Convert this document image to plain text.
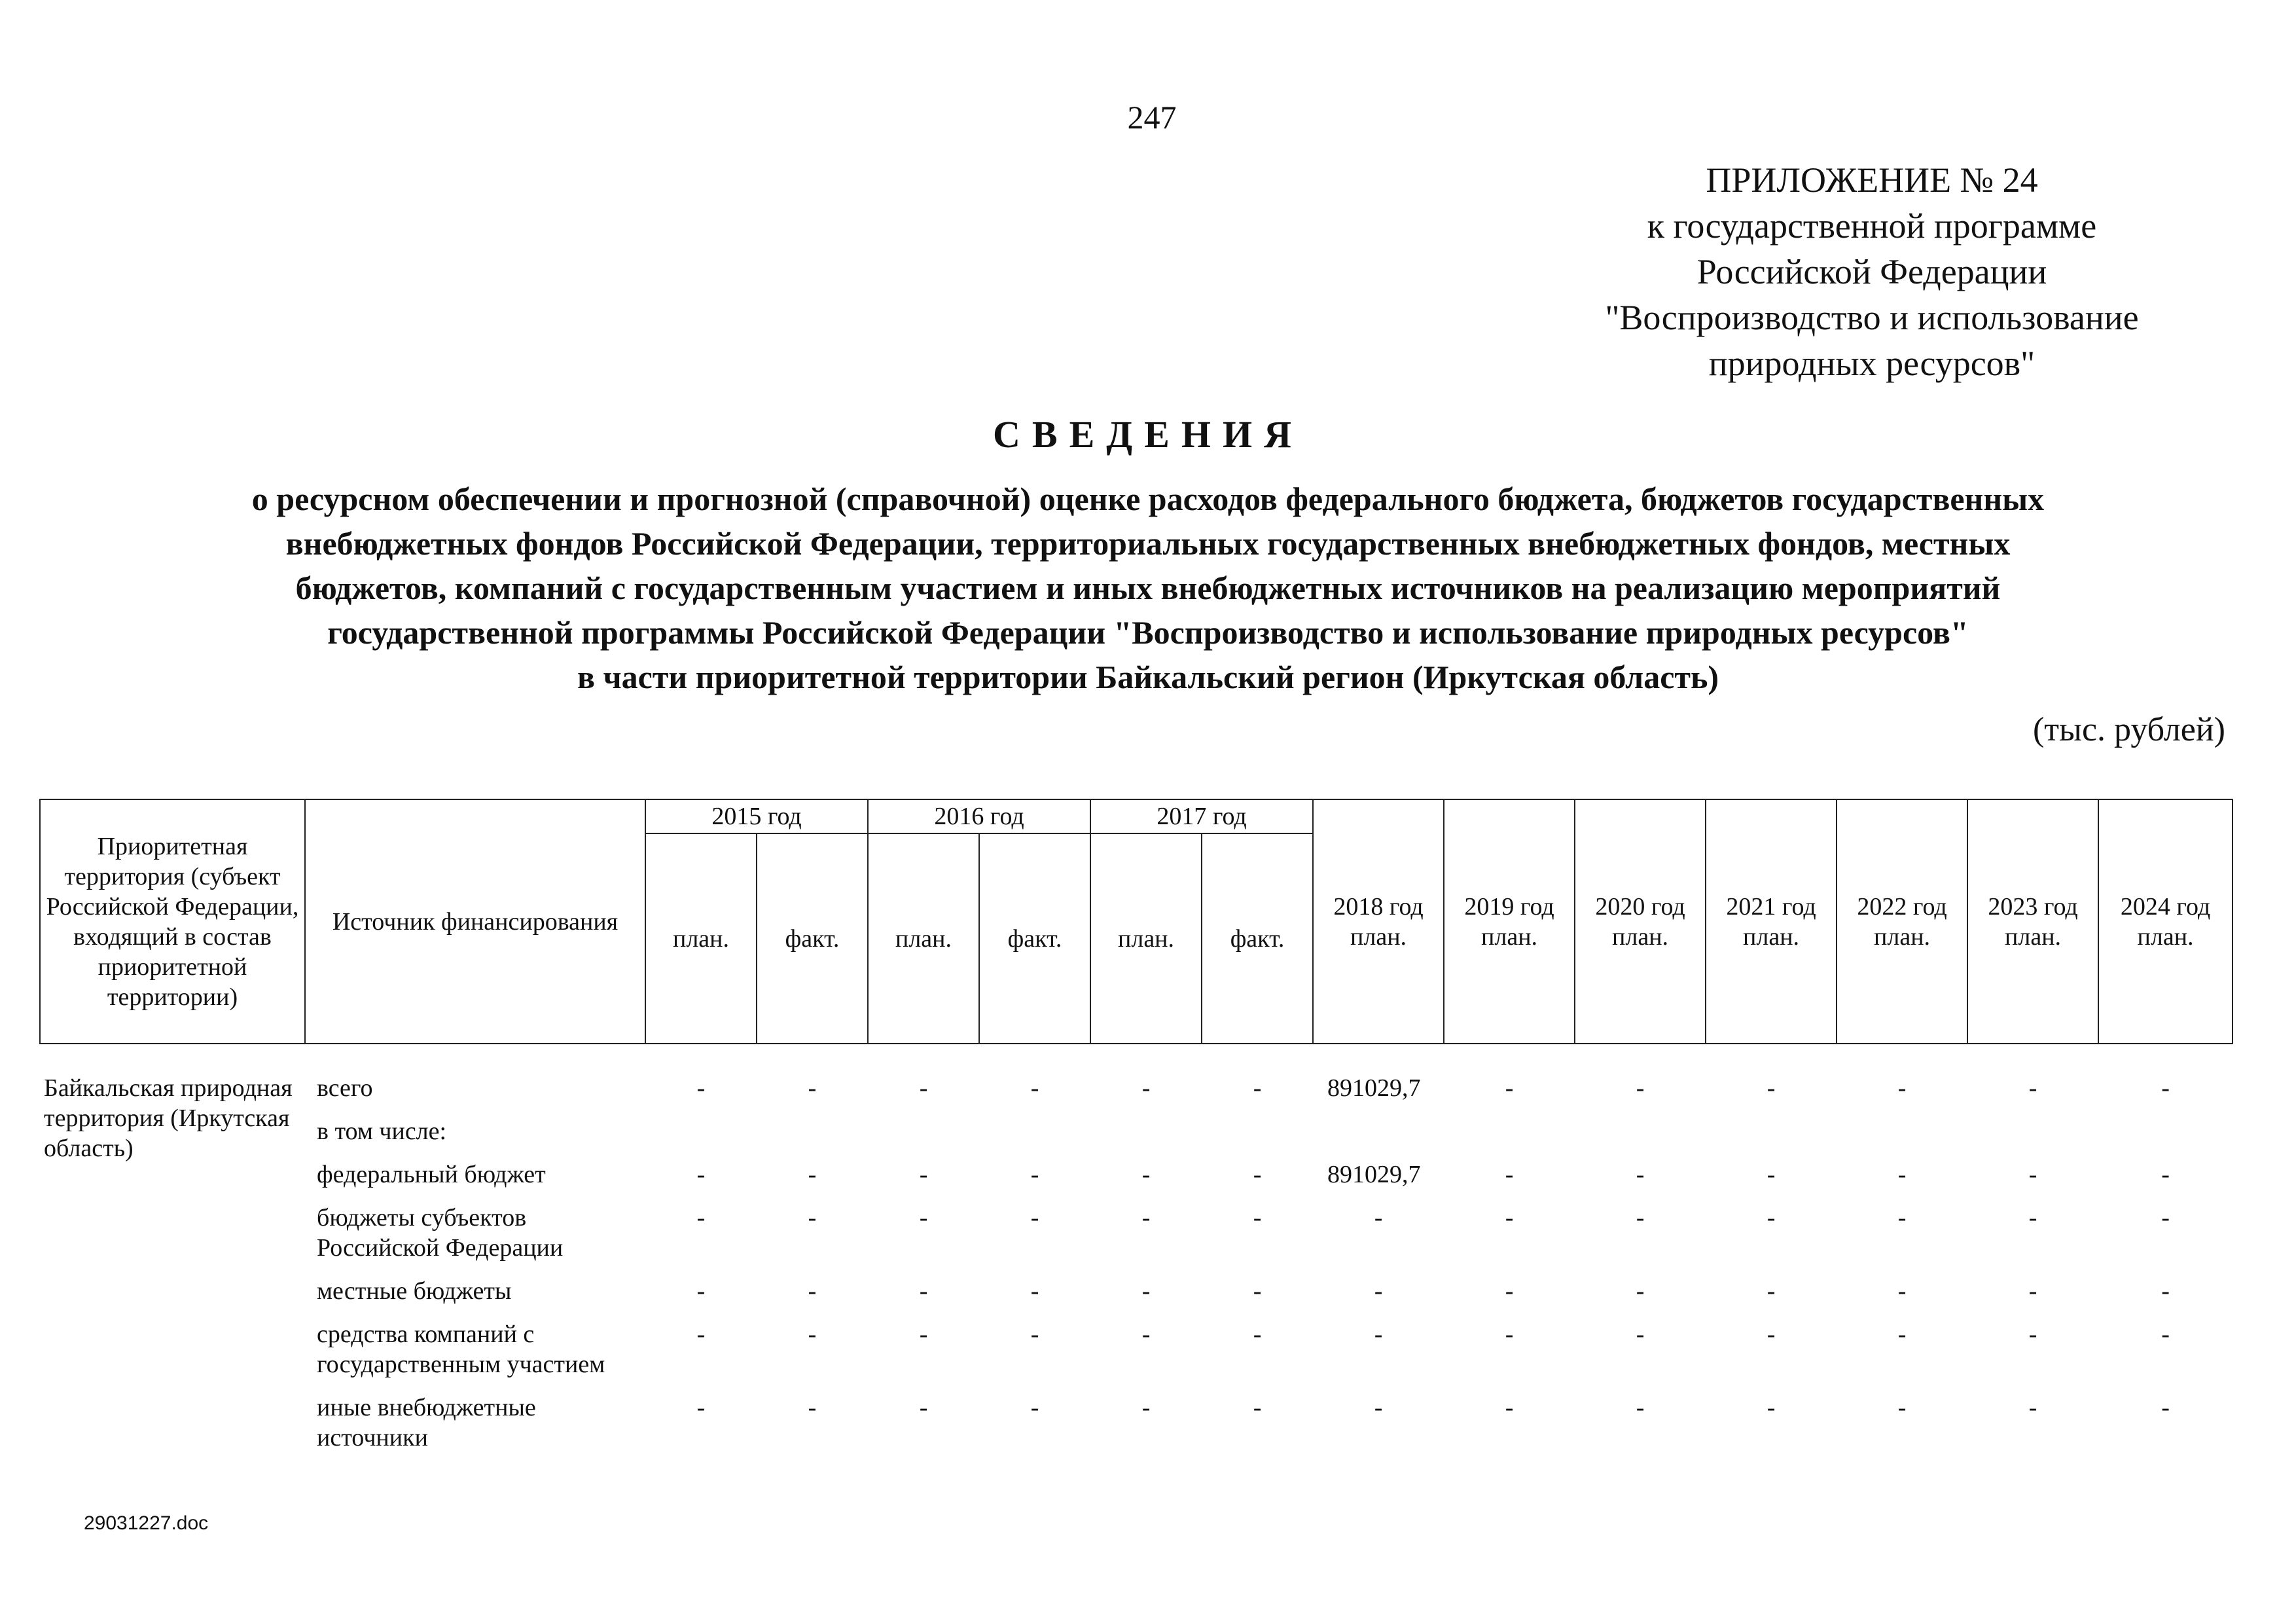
247
ПРИЛОЖЕНИЕ № 24
к государственной программе
Российской Федерации
"Воспроизводство и использование
природных ресурсов"
СВЕДЕНИЯ
о ресурсном обеспечении и прогнозной (справочной) оценке расходов федерального бюджета, бюджетов государственных
внебюджетных фондов Российской Федерации, территориальных государственных внебюджетных фондов, местных
бюджетов, компаний с государственным участием и иных внебюджетных источников на реализацию мероприятий
государственной программы Российской Федерации "Воспроизводство и использование природных ресурсов"
в части приоритетной территории Байкальский регион (Иркутская область)
(тыс. рублей)
Приоритетная территория (субъект Российской Федерации, входящий в состав приоритетной территории)	Источник финансирования	2015 год		2016 год		2017 год		2018 год план.	2019 год план.	2020 год план.	2021 год план.	2022 год план.	2023 год план.	2024 год план.
		план.	факт.	план.	факт.	план.	факт.							
Байкальская природная территория (Иркутская область)	всего	-	-	-	-	-	-	891029,7	-	-	-	-	-	-
	в том числе:													
	федеральный бюджет	-	-	-	-	-	-	891029,7	-	-	-	-	-	-
	бюджеты субъектов Российской Федерации	-	-	-	-	-	-	-	-	-	-	-	-	-
	местные бюджеты	-	-	-	-	-	-	-	-	-	-	-	-	-
	средства компаний с государственным участием	-	-	-	-	-	-	-	-	-	-	-	-	-
	иные внебюджетные источники	-	-	-	-	-	-	-	-	-	-	-	-	-
29031227.doc
